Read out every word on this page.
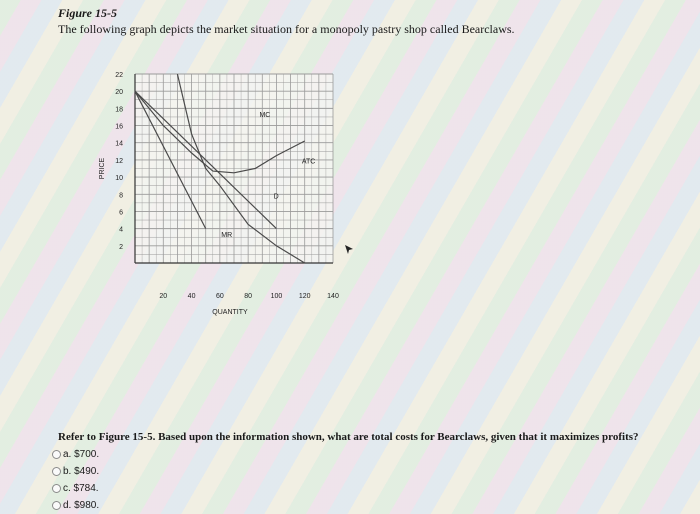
Figure 15-5
The following graph depicts the market situation for a monopoly pastry shop called Bearclaws.
2
4
6
8
10
12
14
16
18
20
22
20	40	60	80	100 120 140
PRICE
QUANTITY
D
MR
MC
ATC
Refer to Figure 15-5. Based upon the information shown, what are total costs for Bearclaws, given that it maximizes profits?
a. $700.
b. $490.
c. $784.
d. $980.
